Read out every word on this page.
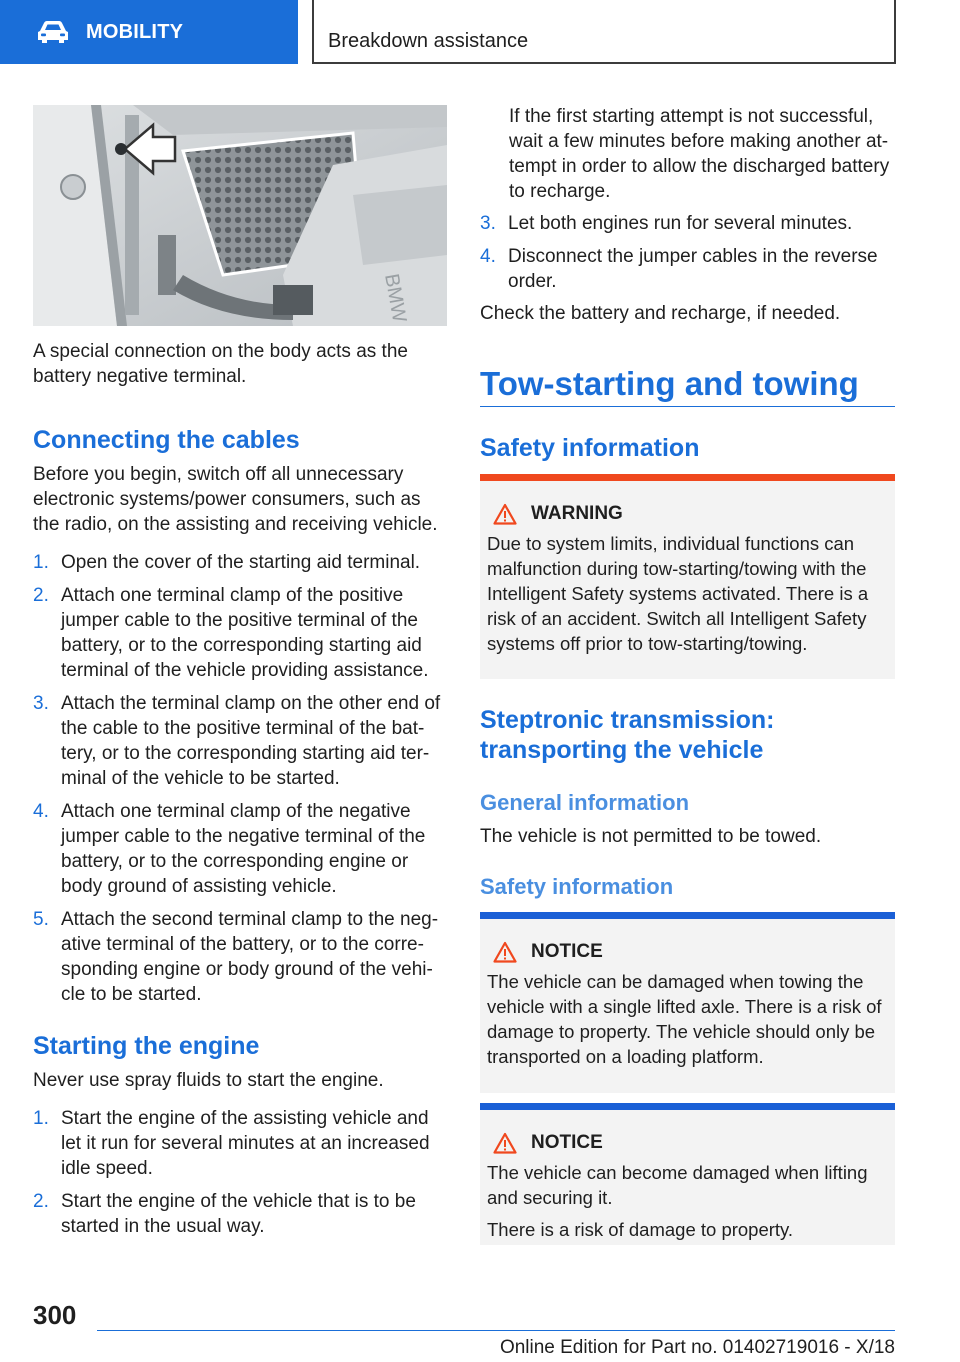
MOBILITY	Breakdown assistance
BMW

A special connection on the body acts as the battery negative terminal.

Connecting the cables

Before you begin, switch off all unnecessary electronic systems/power consumers, such as the radio, on the assisting and receiving vehicle.

1. Open the cover of the starting aid terminal.
2. Attach one terminal clamp of the positive jumper cable to the positive terminal of the battery, or to the corresponding starting aid terminal of the vehicle providing assistance.
3. Attach the terminal clamp on the other end of the cable to the positive terminal of the bat‐tery, or to the corresponding starting aid ter‐minal of the vehicle to be started.
4. Attach one terminal clamp of the negative jumper cable to the negative terminal of the battery, or to the corresponding engine or body ground of assisting vehicle.
5. Attach the second terminal clamp to the neg‐ative terminal of the battery, or to the corre‐sponding engine or body ground of the vehi‐cle to be started.
Starting the engine

Never use spray fluids to start the engine.

1. Start the engine of the assisting vehicle and let it run for several minutes at an increased idle speed.
2. Start the engine of the vehicle that is to be started in the usual way.

If the first starting attempt is not successful, wait a few minutes before making another at‐tempt in order to allow the discharged battery to recharge.

3. Let both engines run for several minutes.
4. Disconnect the jumper cables in the reverse order.

Check the battery and recharge, if needed.

Tow-starting and towing
Safety information
WARNING

Due to system limits, individual functions can malfunction during tow-starting/towing with the Intelligent Safety systems activated. There is a risk of an accident. Switch all Intelligent Safety systems off prior to tow-starting/towing.

Steptronic transmission: transporting the vehicle
General information

The vehicle is not permitted to be towed.

Safety information
NOTICE

The vehicle can be damaged when towing the vehicle with a single lifted axle. There is a risk of damage to property. The vehicle should only be transported on a loading platform.

NOTICE

The vehicle can become damaged when lifting and securing it.

There is a risk of damage to property.

300
Online Edition for Part no. 01402719016 - X/18
